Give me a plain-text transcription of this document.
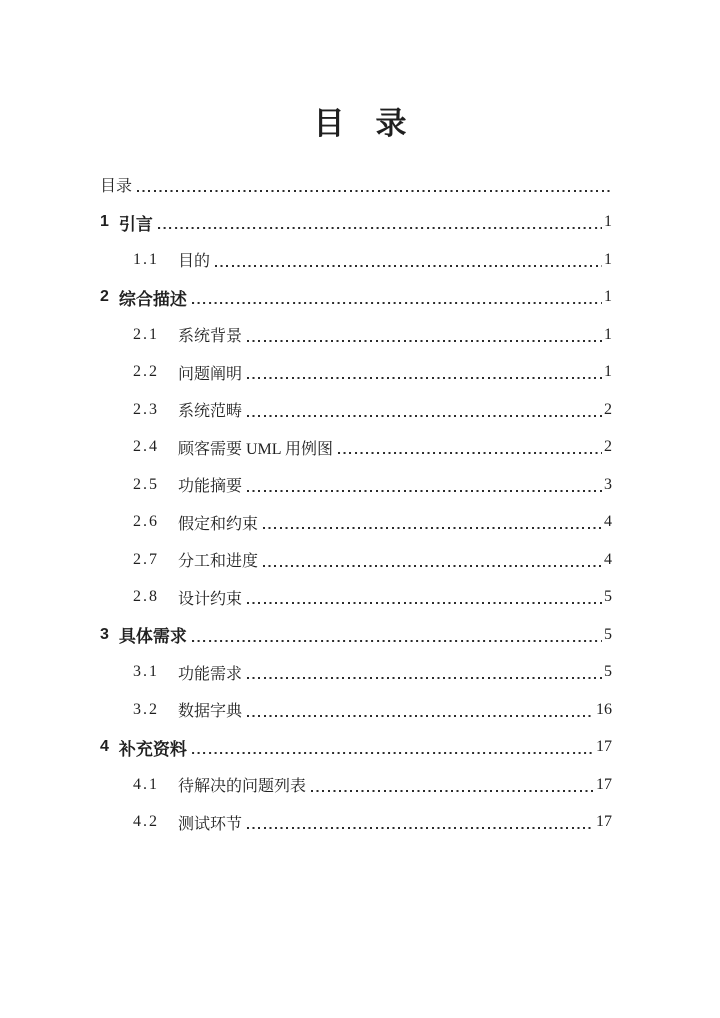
目　录
目录
1 引言	1
1.1 目的	1
2 综合描述	1
2.1 系统背景	1
2.2 问题阐明	1
2.3 系统范畴	2
2.4 顾客需要 UML 用例图	2
2.5 功能摘要	3
2.6 假定和约束	4
2.7 分工和进度	4
2.8 设计约束	5
3 具体需求	5
3.1 功能需求	5
3.2 数据字典	16
4 补充资料	17
4.1 待解决的问题列表	17
4.2 测试环节	17
